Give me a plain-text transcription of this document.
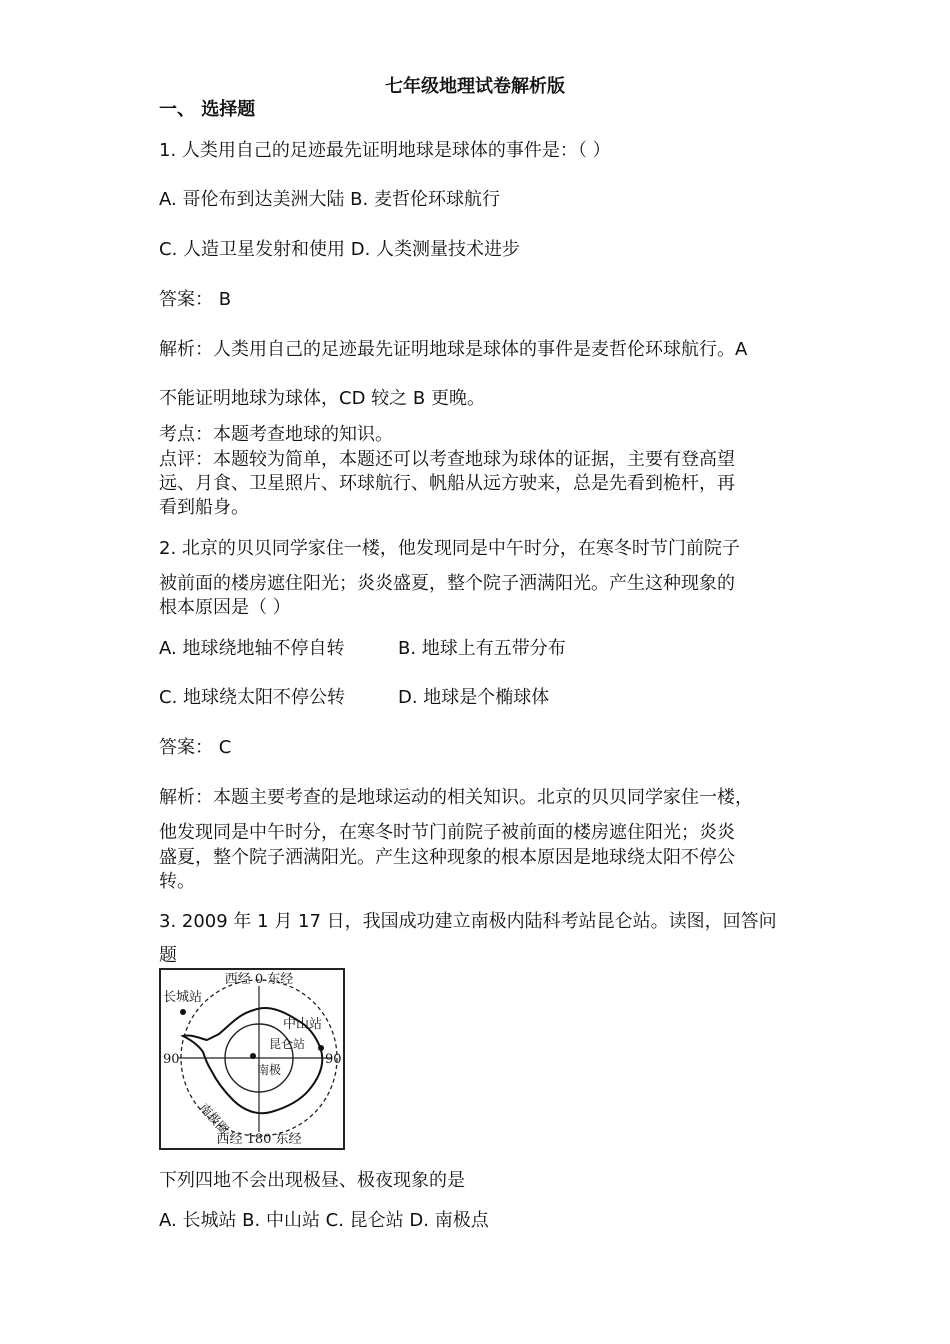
七年级地理试卷解析版
一、 选择题
1. 人类用自己的足迹最先证明地球是球体的事件是：（ ）
A. 哥伦布到达美洲大陆 B. 麦哲伦环球航行
C. 人造卫星发射和使用 D. 人类测量技术进步
答案： B
解析：人类用自己的足迹最先证明地球是球体的事件是麦哲伦环球航行。A
不能证明地球为球体，CD 较之 B 更晚。
考点：本题考查地球的知识。
点评：本题较为简单，本题还可以考查地球为球体的证据，主要有登高望
远、月食、卫星照片、环球航行、帆船从远方驶来，总是先看到桅杆，再
看到船身。
2. 北京的贝贝同学家住一楼，他发现同是中午时分，在寒冬时节门前院子
被前面的楼房遮住阳光；炎炎盛夏，整个院子洒满阳光。产生这种现象的
根本原因是（ ）
A. 地球绕地轴不停自转	B. 地球上有五带分布
C. 地球绕太阳不停公转	D. 地球是个椭球体
答案： C
解析：本题主要考查的是地球运动的相关知识。北京的贝贝同学家住一楼，
他发现同是中午时分，在寒冬时节门前院子被前面的楼房遮住阳光；炎炎
盛夏，整个院子洒满阳光。产生这种现象的根本原因是地球绕太阳不停公
转。
3. 2009 年 1 月 17 日，我国成功建立南极内陆科考站昆仑站。读图，回答问
题
西经 0 东经
西经 180 东经
长城站
中山站
昆仑站
南极
南极圈
90	90
下列四地不会出现极昼、极夜现象的是
A. 长城站 B. 中山站 C. 昆仑站 D. 南极点
